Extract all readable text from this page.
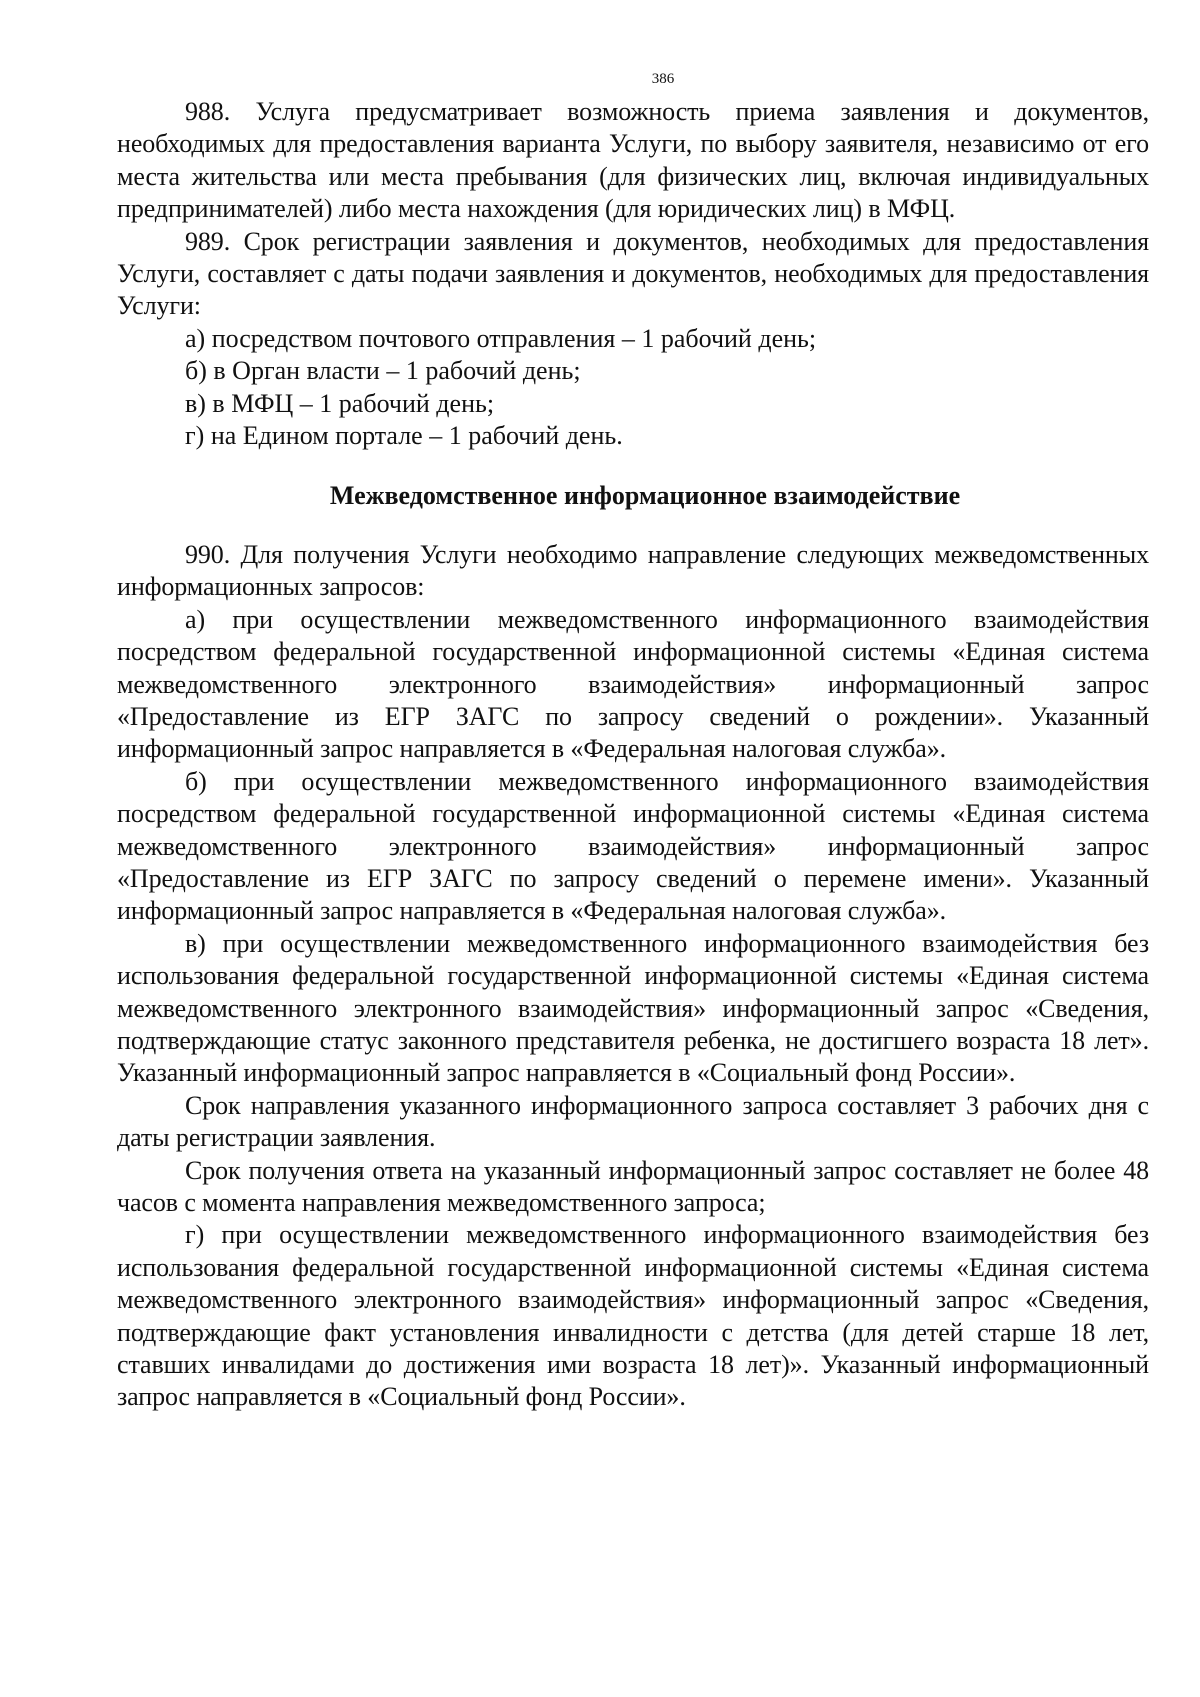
386

988. Услуга предусматривает возможность приема заявления и документов, необходимых для предоставления варианта Услуги, по выбору заявителя, независимо от его места жительства или места пребывания (для физических лиц, включая индивидуальных предпринимателей) либо места нахождения (для юридических лиц) в МФЦ.

989. Срок регистрации заявления и документов, необходимых для предоставления Услуги, составляет с даты подачи заявления и документов, необходимых для предоставления Услуги:

а) посредством почтового отправления – 1 рабочий день;

б) в Орган власти – 1 рабочий день;

в) в МФЦ – 1 рабочий день;

г) на Едином портале – 1 рабочий день.

Межведомственное информационное взаимодействие

990. Для получения Услуги необходимо направление следующих межведомственных информационных запросов:

а) при осуществлении межведомственного информационного взаимодействия посредством федеральной государственной информационной системы «Единая система межведомственного электронного взаимодействия» информационный запрос «Предоставление из ЕГР ЗАГС по запросу сведений о рождении». Указанный информационный запрос направляется в «Федеральная налоговая служба».

б) при осуществлении межведомственного информационного взаимодействия посредством федеральной государственной информационной системы «Единая система межведомственного электронного взаимодействия» информационный запрос «Предоставление из ЕГР ЗАГС по запросу сведений о перемене имени». Указанный информационный запрос направляется в «Федеральная налоговая служба».

в) при осуществлении межведомственного информационного взаимодействия без использования федеральной государственной информационной системы «Единая система межведомственного электронного взаимодействия» информационный запрос «Сведения, подтверждающие статус законного представителя ребенка, не достигшего возраста 18 лет». Указанный информационный запрос направляется в «Социальный фонд России».

Срок направления указанного информационного запроса составляет 3 рабочих дня с даты регистрации заявления.

Срок получения ответа на указанный информационный запрос составляет не более 48 часов с момента направления межведомственного запроса;

г) при осуществлении межведомственного информационного взаимодействия без использования федеральной государственной информационной системы «Единая система межведомственного электронного взаимодействия» информационный запрос «Сведения, подтверждающие факт установления инвалидности с детства (для детей старше 18 лет, ставших инвалидами до достижения ими возраста 18 лет)». Указанный информационный запрос направляется в «Социальный фонд России».
